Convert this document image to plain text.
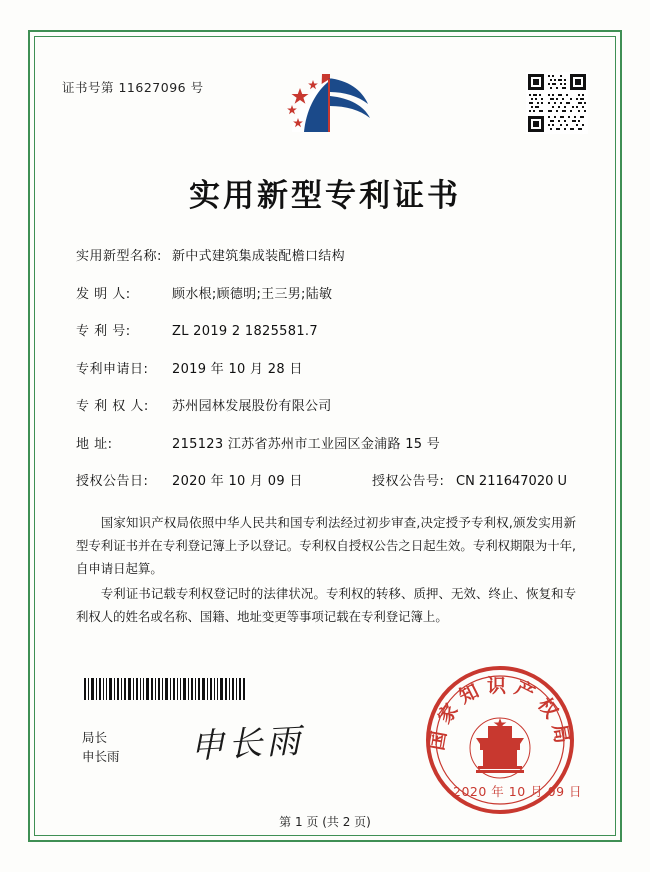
证书号第 11627096 号
实用新型专利证书
实用新型名称: 新中式建筑集成装配檐口结构
发 明 人:	顾水根;顾德明;王三男;陆敏
专 利 号:	ZL 2019 2 1825581.7
专利申请日:	2019 年 10 月 28 日
专 利 权 人:	苏州园林发展股份有限公司
地 址:	215123 江苏省苏州市工业园区金浦路 15 号
授权公告日:	2020 年 10 月 09 日	授权公告号: CN 211647020 U

国家知识产权局依照中华人民共和国专利法经过初步审查,决定授予专利权,颁发实用新型专利证书并在专利登记簿上予以登记。专利权自授权公告之日起生效。专利权期限为十年,自申请日起算。

专利证书记载专利权登记时的法律状况。专利权的转移、质押、无效、终止、恢复和专利权人的姓名或名称、国籍、地址变更等事项记载在专利登记簿上。

局长
申长雨 申长雨	国家知识产权局
2020 年 10 月 09 日
第 1 页 (共 2 页)
